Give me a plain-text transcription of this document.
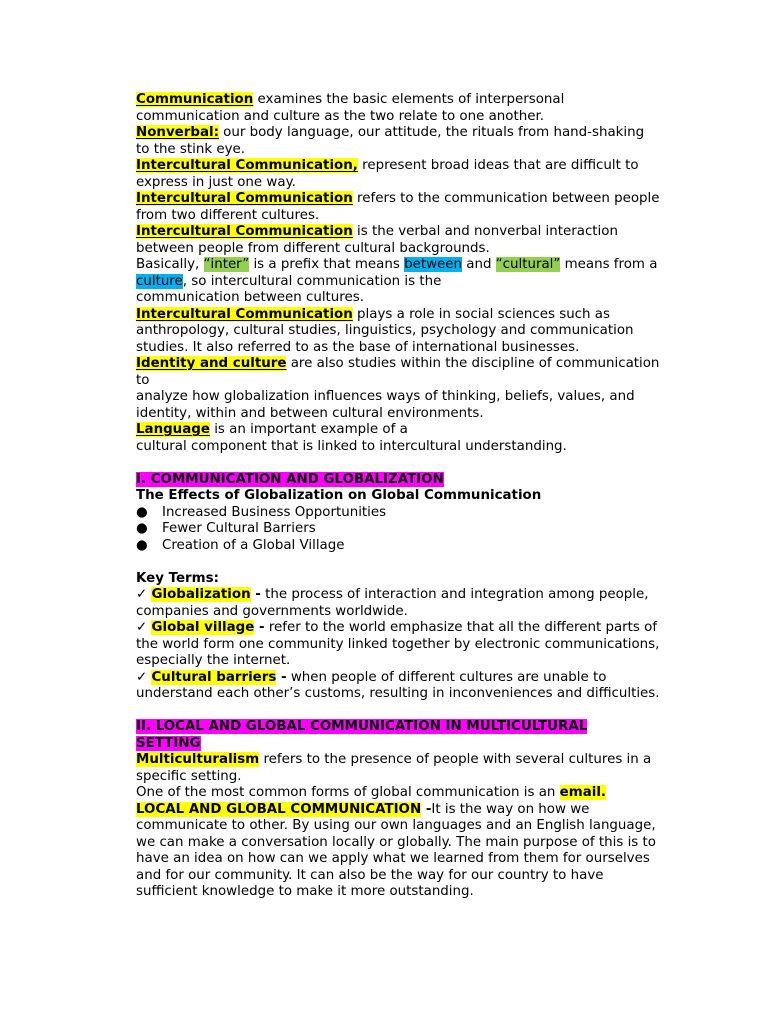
Communication examines the basic elements of interpersonal
communication and culture as the two relate to one another.
Nonverbal: our body language, our attitude, the rituals from hand-shaking
to the stink eye.
Intercultural Communication, represent broad ideas that are difficult to
express in just one way.
Intercultural Communication refers to the communication between people
from two different cultures.
Intercultural Communication is the verbal and nonverbal interaction
between people from different cultural backgrounds.
Basically, “inter” is a prefix that means between and “cultural” means from a
culture, so intercultural communication is the
communication between cultures.
Intercultural Communication plays a role in social sciences such as
anthropology, cultural studies, linguistics, psychology and communication
studies. It also referred to as the base of international businesses.
Identity and culture are also studies within the discipline of communication
to
analyze how globalization influences ways of thinking, beliefs, values, and
identity, within and between cultural environments.
Language is an important example of a
cultural component that is linked to intercultural understanding.
I. COMMUNICATION AND GLOBALIZATION
The Effects of Globalization on Global Communication
● Increased Business Opportunities
● Fewer Cultural Barriers
● Creation of a Global Village
Key Terms:
✓ Globalization - the process of interaction and integration among people,
companies and governments worldwide.
✓ Global village - refer to the world emphasize that all the different parts of
the world form one community linked together by electronic communications,
especially the internet.
✓ Cultural barriers - when people of different cultures are unable to
understand each other’s customs, resulting in inconveniences and difficulties.
II. LOCAL AND GLOBAL COMMUNICATION IN MULTICULTURAL
SETTING
Multiculturalism refers to the presence of people with several cultures in a
specific setting.
One of the most common forms of global communication is an email.
LOCAL AND GLOBAL COMMUNICATION -It is the way on how we
communicate to other. By using our own languages and an English language,
we can make a conversation locally or globally. The main purpose of this is to
have an idea on how can we apply what we learned from them for ourselves
and for our community. It can also be the way for our country to have
sufficient knowledge to make it more outstanding.
